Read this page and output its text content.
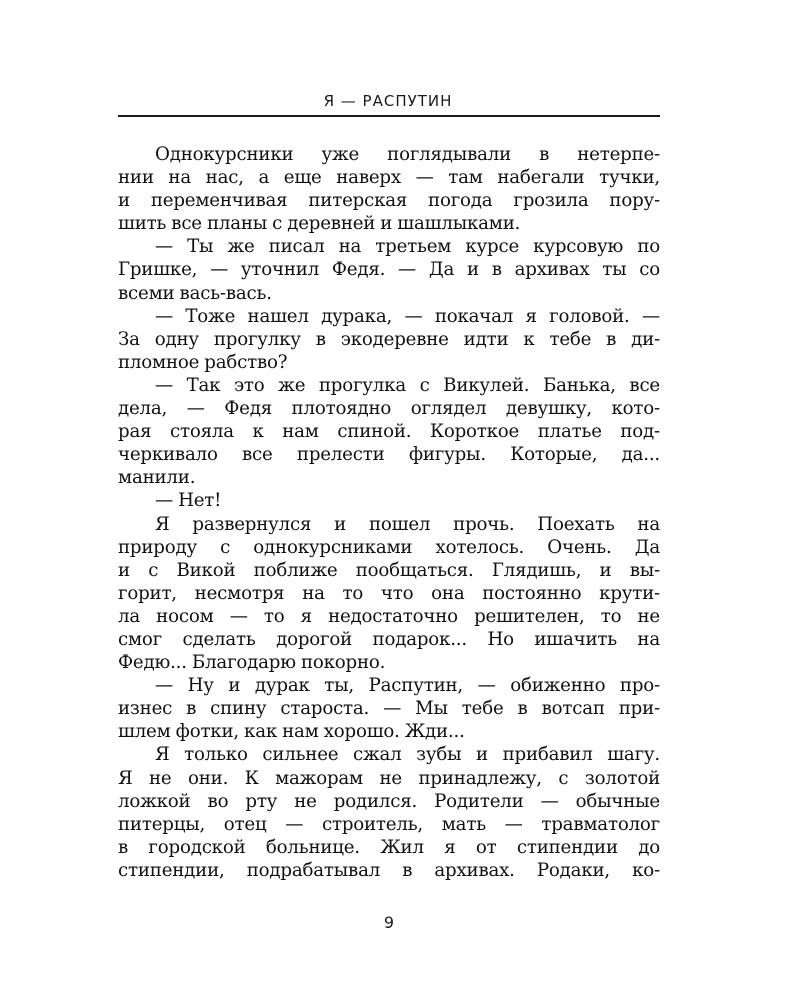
Я — РАСПУТИН
Однокурсники уже поглядывали в нетерпе-
нии на нас, а еще наверх — там набегали тучки,
и переменчивая питерская погода грозила пору-
шить все планы с деревней и шашлыками.
— Ты же писал на третьем курсе курсовую по
Гришке, — уточнил Федя. — Да и в архивах ты со
всеми вась-вась.
— Тоже нашел дурака, — покачал я головой. —
За одну прогулку в экодеревне идти к тебе в ди-
пломное рабство?
— Так это же прогулка с Викулей. Банька, все
дела, — Федя плотоядно оглядел девушку, кото-
рая стояла к нам спиной. Короткое платье под-
черкивало все прелести фигуры. Которые, да...
манили.
— Нет!
Я развернулся и пошел прочь. Поехать на
природу с однокурсниками хотелось. Очень. Да
и с Викой поближе пообщаться. Глядишь, и вы-
горит, несмотря на то что она постоянно крути-
ла носом — то я недостаточно решителен, то не
смог сделать дорогой подарок... Но ишачить на
Федю... Благодарю покорно.
— Ну и дурак ты, Распутин, — обиженно про-
изнес в спину староста. — Мы тебе в вотсап при-
шлем фотки, как нам хорошо. Жди...
Я только сильнее сжал зубы и прибавил шагу.
Я не они. К мажорам не принадлежу, с золотой
ложкой во рту не родился. Родители — обычные
питерцы, отец — строитель, мать — травматолог
в городской больнице. Жил я от стипендии до
стипендии, подрабатывал в архивах. Родаки, ко-
9
